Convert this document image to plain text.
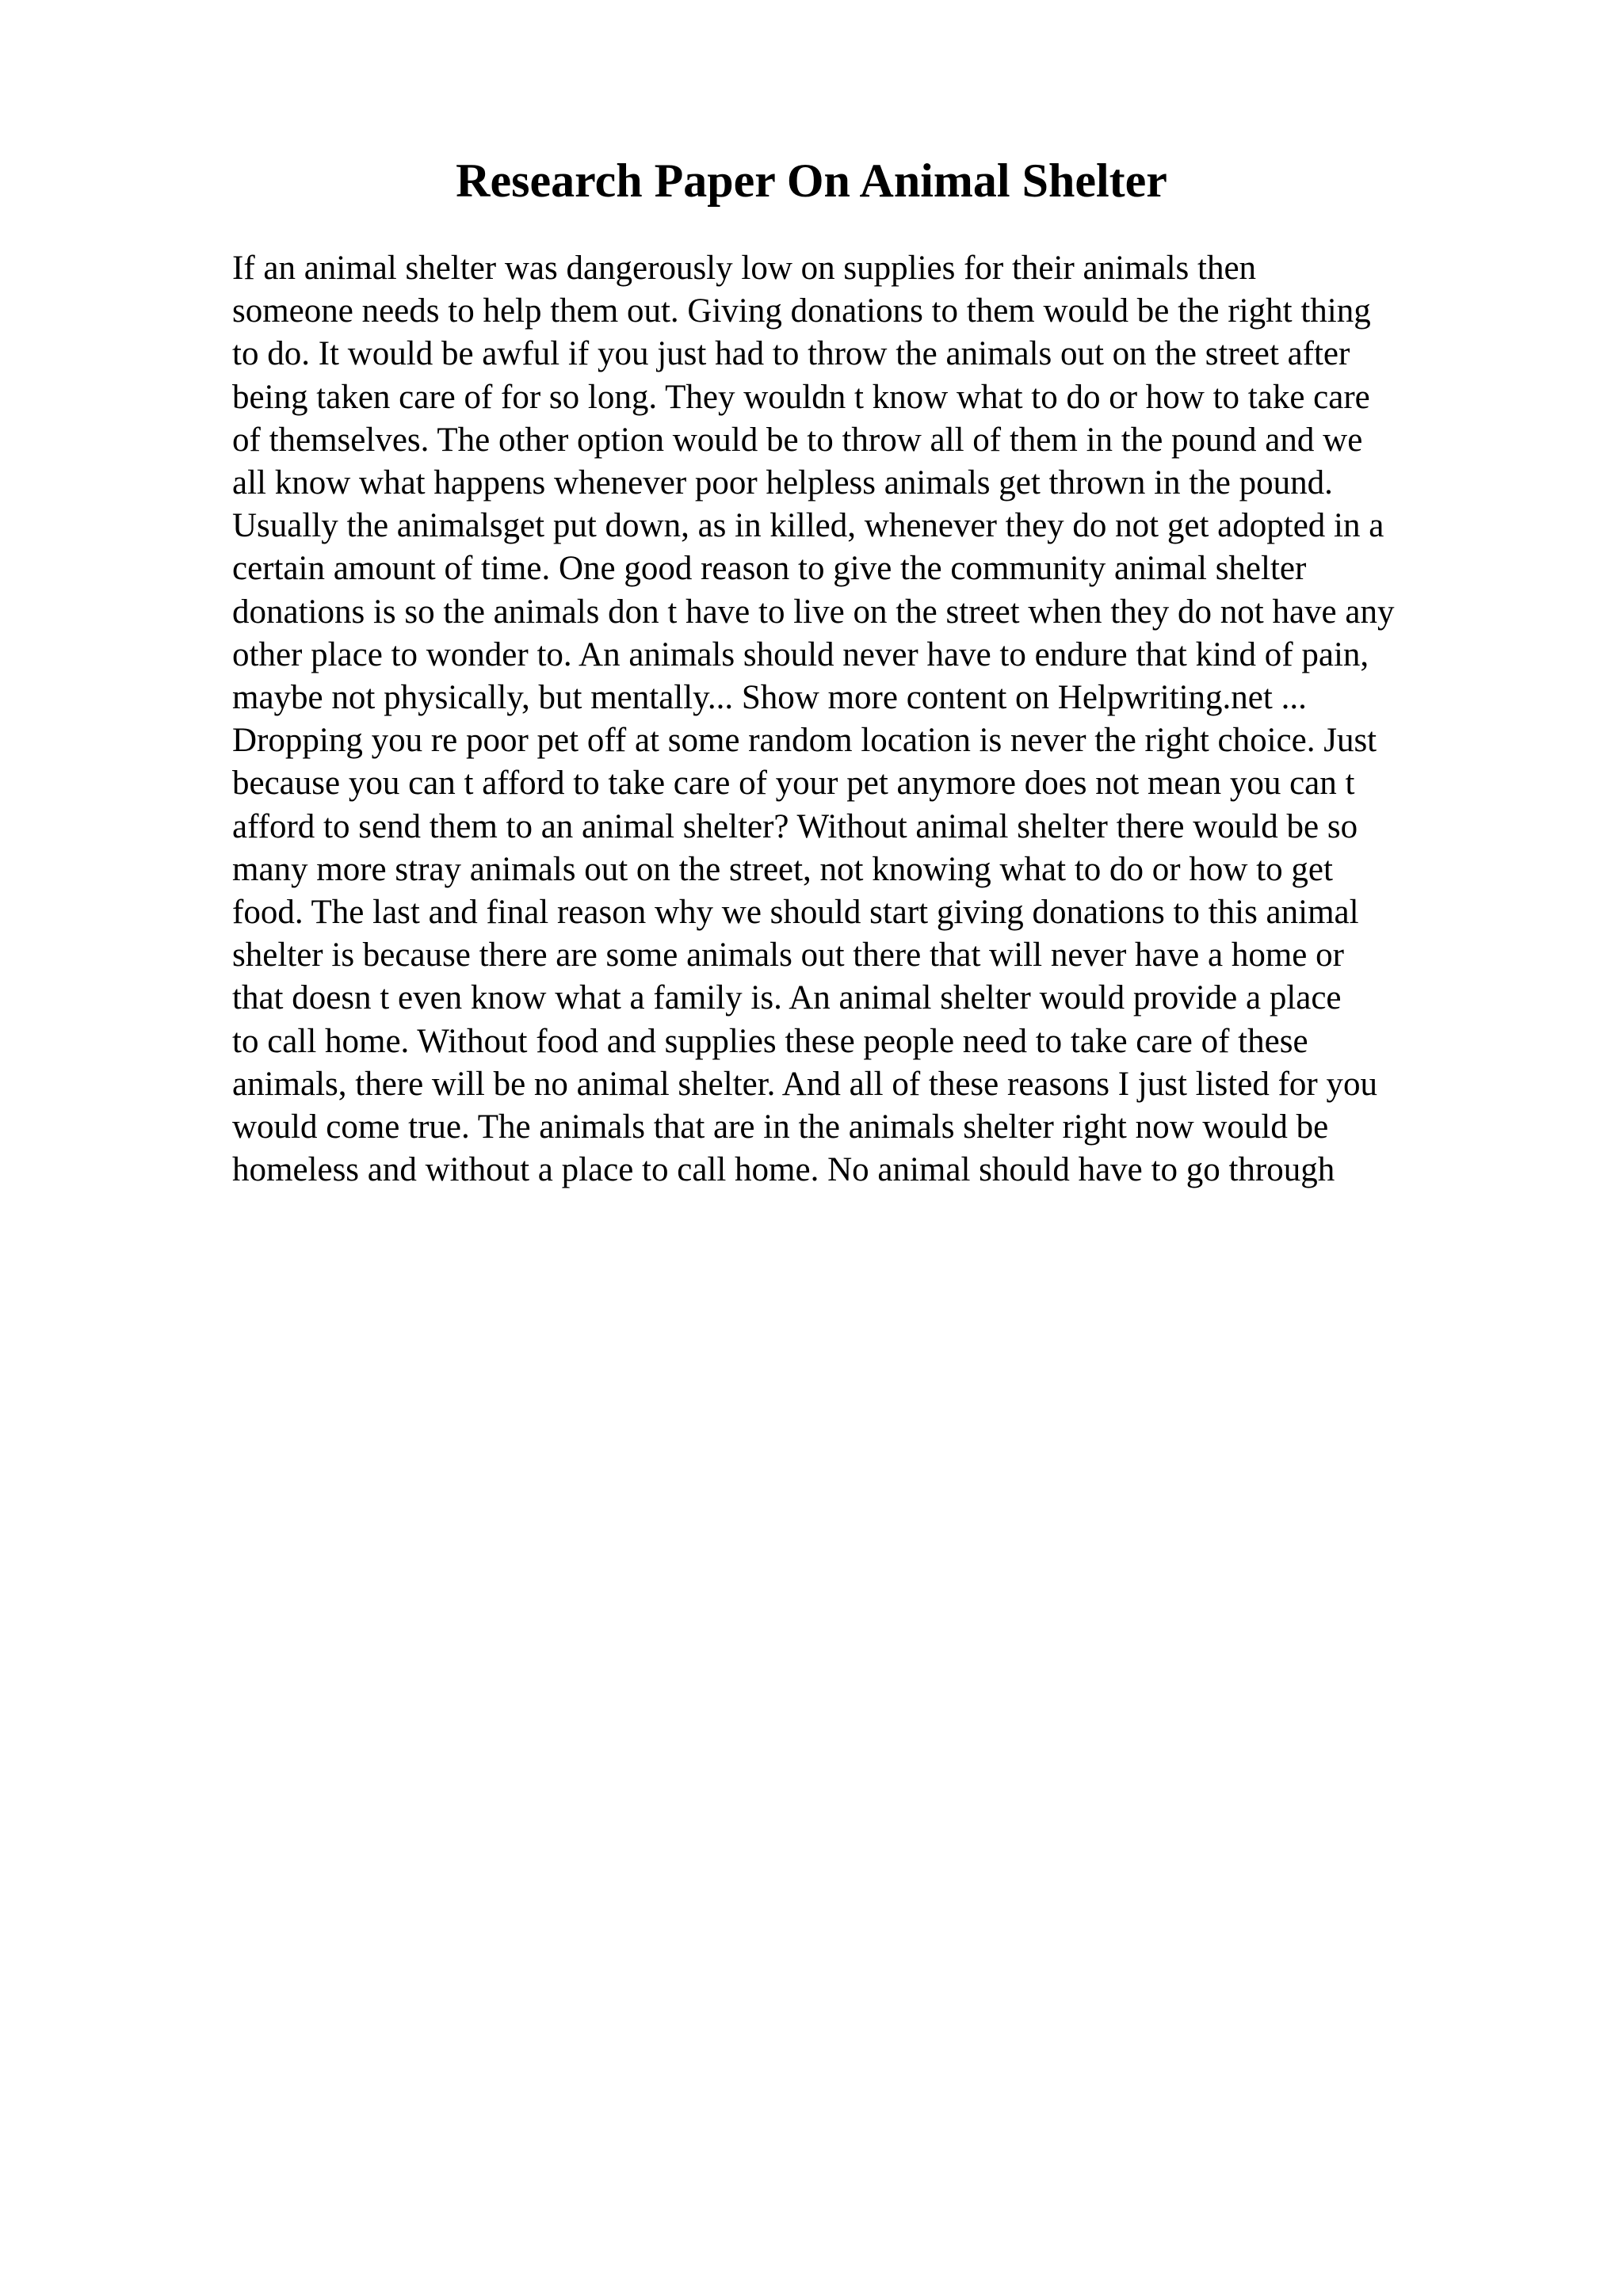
Research Paper On Animal Shelter
If an animal shelter was dangerously low on supplies for their animals then
someone needs to help them out. Giving donations to them would be the right thing
to do. It would be awful if you just had to throw the animals out on the street after
being taken care of for so long. They wouldn t know what to do or how to take care
of themselves. The other option would be to throw all of them in the pound and we
all know what happens whenever poor helpless animals get thrown in the pound.
Usually the animalsget put down, as in killed, whenever they do not get adopted in a
certain amount of time. One good reason to give the community animal shelter
donations is so the animals don t have to live on the street when they do not have any
other place to wonder to. An animals should never have to endure that kind of pain,
maybe not physically, but mentally... Show more content on Helpwriting.net ...
Dropping you re poor pet off at some random location is never the right choice. Just
because you can t afford to take care of your pet anymore does not mean you can t
afford to send them to an animal shelter? Without animal shelter there would be so
many more stray animals out on the street, not knowing what to do or how to get
food. The last and final reason why we should start giving donations to this animal
shelter is because there are some animals out there that will never have a home or
that doesn t even know what a family is. An animal shelter would provide a place
to call home. Without food and supplies these people need to take care of these
animals, there will be no animal shelter. And all of these reasons I just listed for you
would come true. The animals that are in the animals shelter right now would be
homeless and without a place to call home. No animal should have to go through
